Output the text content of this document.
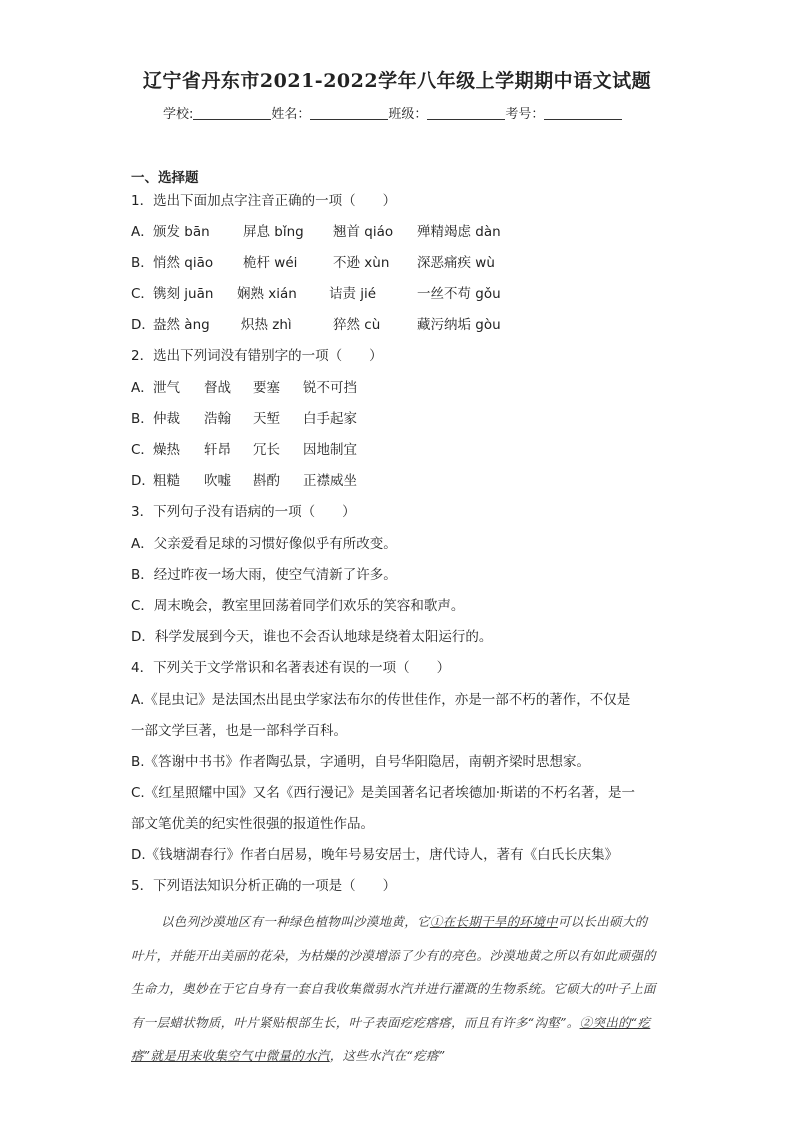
辽宁省丹东市2021-2022学年八年级上学期期中语文试题
学校:	姓名：	班级：	考号：
一、选择题
1．选出下面加点字注音正确的一项（　　）
A．颁发 bān 屏息 bǐng 翘首 qiáo 殚精竭虑 dàn
B．悄然 qiāo 桅杆 wéi	不逊 xùn 深恶痛疾 wù
C．镌刻 juān 娴熟 xián 诘责 jié	一丝不苟 gǒu
D．盎然 àng 炽热 zhì	猝然 cù	藏污纳垢 gòu
2．选出下列词没有错别字的一项（　　）
A．泄气 督战 要塞 锐不可挡
B．仲裁 浩翰 天堑 白手起家
C．燥热 轩昂 冗长 因地制宜
D．粗糙 吹嘘 斟酌 正襟威坐
3．下列句子没有语病的一项（　　）
A．父亲爱看足球的习惯好像似乎有所改变。
B．经过昨夜一场大雨，使空气清新了许多。
C．周末晚会，教室里回荡着同学们欢乐的笑容和歌声。
D．科学发展到今天，谁也不会否认地球是绕着太阳运行的。
4．下列关于文学常识和名著表述有误的一项（　　）
A.《昆虫记》是法国杰出昆虫学家法布尔的传世佳作，亦是一部不朽的著作，不仅是
一部文学巨著，也是一部科学百科。
B.《答谢中书书》作者陶弘景，字通明，自号华阳隐居，南朝齐梁时思想家。
C.《红星照耀中国》又名《西行漫记》是美国著名记者埃德加·斯诺的不朽名著，是一
部文笔优美的纪实性很强的报道性作品。
D.《钱塘湖春行》作者白居易，晚年号易安居士，唐代诗人，著有《白氏长庆集》
5．下列语法知识分析正确的一项是（　　）
以色列沙漠地区有一种绿色植物叫沙漠地黄，它①在长期干旱的环境中可以长出硕大的叶片，并能开出美丽的花朵，为枯燥的沙漠增添了少有的亮色。沙漠地黄之所以有如此顽强的生命力，奥妙在于它自身有一套自我收集微弱水汽并进行灌溉的生物系统。它硕大的叶子上面有一层蜡状物质，叶片紧贴根部生长，叶子表面疙疙瘩瘩，而且有许多“沟壑”。②突出的“疙瘩”就是用来收集空气中微量的水汽，这些水汽在“疙瘩”
